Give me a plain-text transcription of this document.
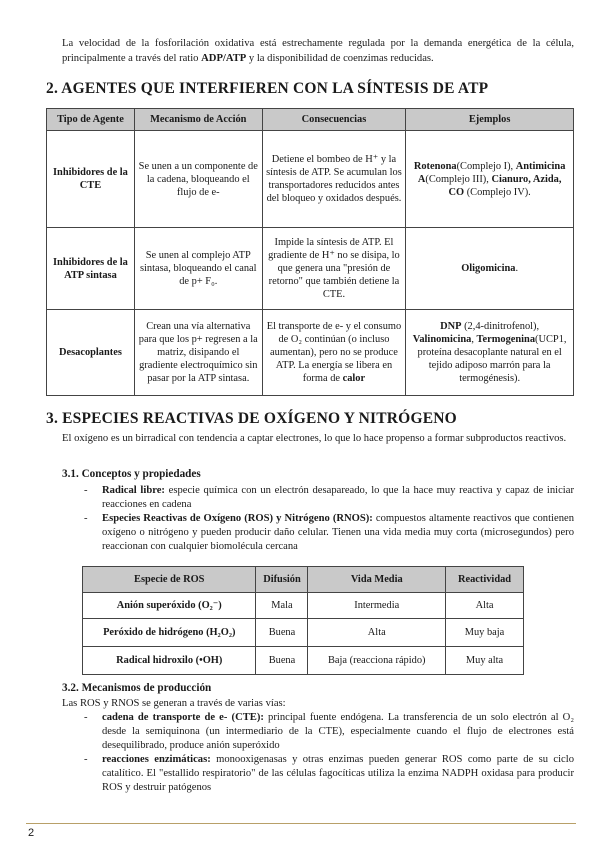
La velocidad de la fosforilación oxidativa está estrechamente regulada por la demanda energética de la célula, principalmente a través del ratio ADP/ATP y la disponibilidad de coenzimas reducidas.

2. AGENTES QUE INTERFIEREN CON LA SÍNTESIS DE ATP
Tipo de Agente	Mecanismo de Acción	Consecuencias	Ejemplos
Inhibidores de la CTE	Se unen a un componente de la cadena, bloqueando el flujo de e-	Detiene el bombeo de H⁺ y la síntesis de ATP. Se acumulan los transportadores reducidos antes del bloqueo y oxidados después.	Rotenona(Complejo I), Antimicina A(Complejo III), Cianuro, Azida, CO (Complejo IV).
Inhibidores de la ATP sintasa	Se unen al complejo ATP sintasa, bloqueando el canal de p+ F₀.	Impide la síntesis de ATP. El gradiente de H⁺ no se disipa, lo que genera una "presión de retorno" que también detiene la CTE.	Oligomicina.
Desacoplantes	Crean una vía alternativa para que los p+ regresen a la matriz, disipando el gradiente electroquímico sin pasar por la ATP sintasa.	El transporte de e- y el consumo de O₂ continúan (o incluso aumentan), pero no se produce ATP. La energía se libera en forma de calor	DNP (2,4-dinitrofenol), Valinomicina, Termogenina(UCP1, proteína desacoplante natural en el tejido adiposo marrón para la termogénesis).
3. ESPECIES REACTIVAS DE OXÍGENO Y NITRÓGENO

El oxígeno es un birradical con tendencia a captar electrones, lo que lo hace propenso a formar subproductos reactivos.

3.1. Conceptos y propiedades
- Radical libre: especie química con un electrón desapareado, lo que la hace muy reactiva y capaz de iniciar reacciones en cadena
- Especies Reactivas de Oxígeno (ROS) y Nitrógeno (RNOS): compuestos altamente reactivos que contienen oxígeno o nitrógeno y pueden producir daño celular. Tienen una vida media muy corta (microsegundos) pero reaccionan con cualquier biomolécula cercana
Especie de ROS	Difusión	Vida Media	Reactividad
Anión superóxido (O₂⁻)	Mala	Intermedia	Alta
Peróxido de hidrógeno (H₂O₂)	Buena	Alta	Muy baja
Radical hidroxilo (•OH)	Buena	Baja (reacciona rápido)	Muy alta
3.2. Mecanismos de producción

Las ROS y RNOS se generan a través de varias vías:

- cadena de transporte de e- (CTE): principal fuente endógena. La transferencia de un solo electrón al O₂ desde la semiquinona (un intermediario de la CTE), especialmente cuando el flujo de electrones está desequilibrado, produce anión superóxido
- reacciones enzimáticas: monooxigenasas y otras enzimas pueden generar ROS como parte de su ciclo catalítico. El "estallido respiratorio" de las células fagocíticas utiliza la enzima NADPH oxidasa para producir ROS y destruir patógenos
2
